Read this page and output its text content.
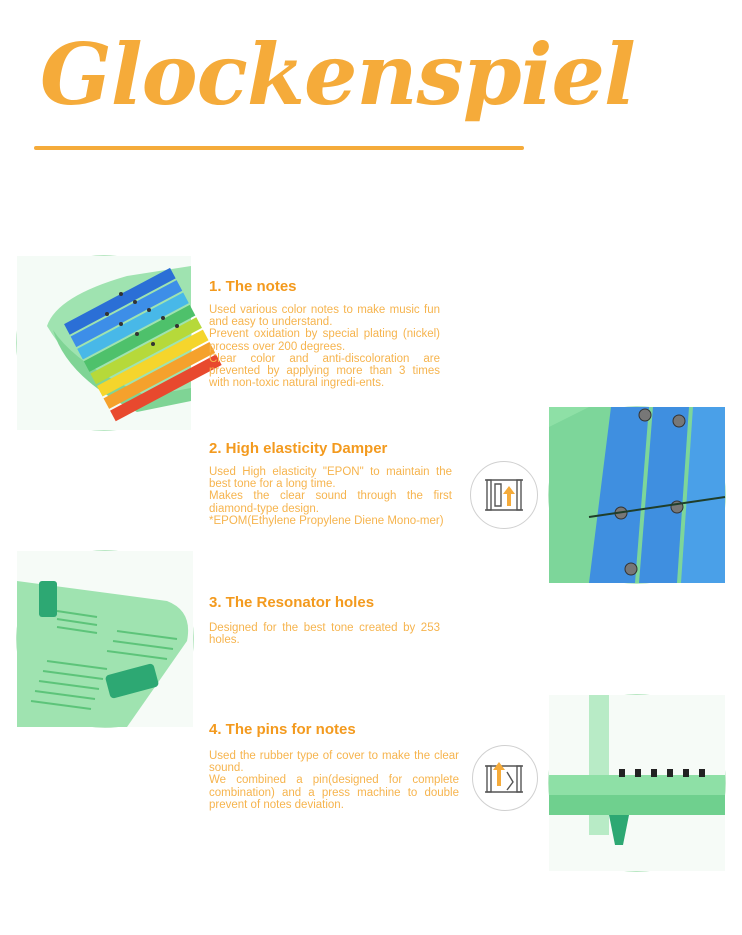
Glockenspiel
1. The notes
Used various color notes to make music fun and easy to understand.
Prevent oxidation by special plating (nickel) process over 200 degrees.
Clear color and anti-discoloration are prevented by applying more than 3 times with non-toxic natural ingredi-ents.
2. High elasticity Damper
Used High elasticity "EPON" to maintain the best tone for a long time.
Makes the clear sound through the first diamond-type design.
*EPOM(Ethylene Propylene Diene Mono-mer)
3. The Resonator holes
Designed for the best tone created by 253 holes.
4. The pins for notes
Used the rubber type of cover to make the clear sound.
We combined a pin(designed for complete combination) and a press machine to double prevent of notes deviation.
